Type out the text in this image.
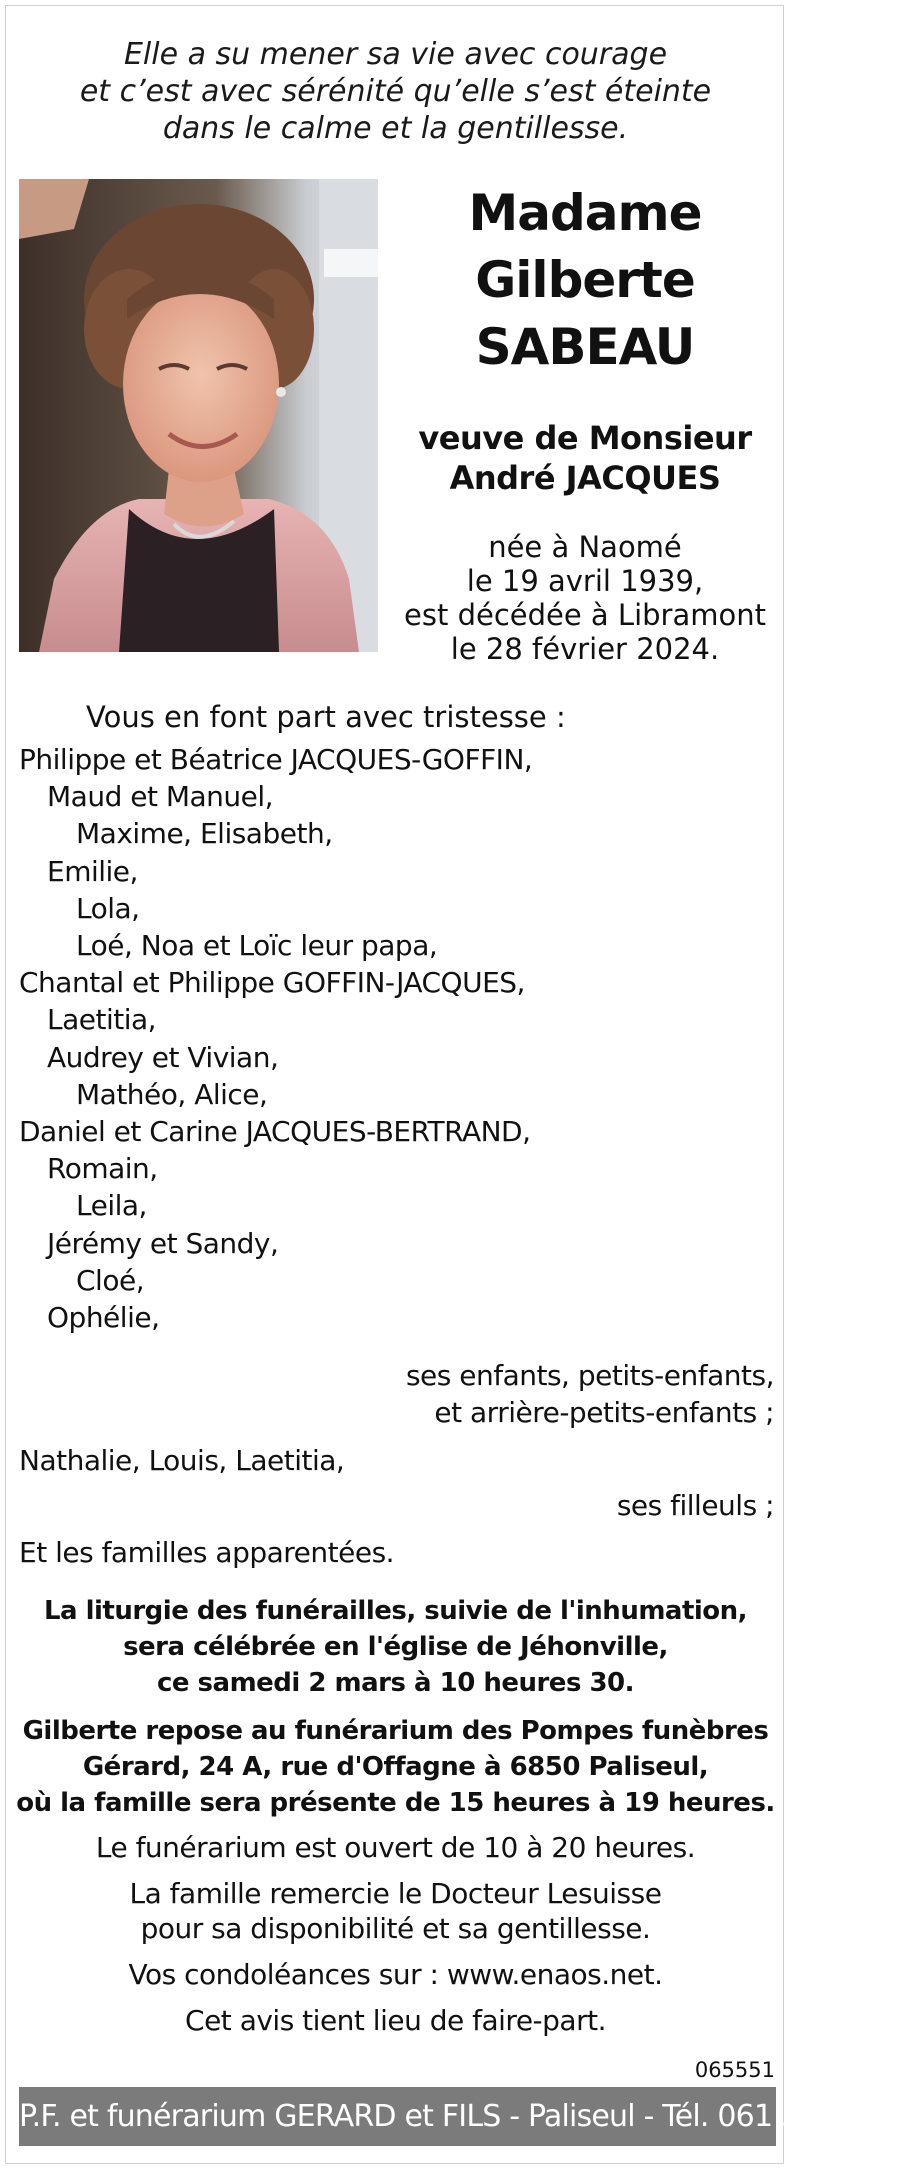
Elle a su mener sa vie avec courage
et c’est avec sérénité qu’elle s’est éteinte
dans le calme et la gentillesse.
Madame
Gilberte
SABEAU
veuve de Monsieur
André JACQUES
née à Naomé
le 19 avril 1939,
est décédée à Libramont
le 28 février 2024.
Vous en font part avec tristesse :
Philippe et Béatrice JACQUES-GOFFIN,
Maud et Manuel,
Maxime, Elisabeth,
Emilie,
Lola,
Loé, Noa et Loïc leur papa,
Chantal et Philippe GOFFIN-JACQUES,
Laetitia,
Audrey et Vivian,
Mathéo, Alice,
Daniel et Carine JACQUES-BERTRAND,
Romain,
Leila,
Jérémy et Sandy,
Cloé,
Ophélie,
ses enfants, petits-enfants,
et arrière-petits-enfants ;
Nathalie, Louis, Laetitia,
ses filleuls ;
Et les familles apparentées.

La liturgie des funérailles, suivie de l'inhumation,
sera célébrée en l'église de Jéhonville,
ce samedi 2 mars à 10 heures 30.

Gilberte repose au funérarium des Pompes funèbres
Gérard, 24 A, rue d'Offagne à 6850 Paliseul,
où la famille sera présente de 15 heures à 19 heures.

Le funérarium est ouvert de 10 à 20 heures.

La famille remercie le Docteur Lesuisse
pour sa disponibilité et sa gentillesse.

Vos condoléances sur : www.enaos.net.

Cet avis tient lieu de faire-part.

065551
P.F. et funérarium GERARD et FILS - Paliseul - Tél. 061 53 32 84
